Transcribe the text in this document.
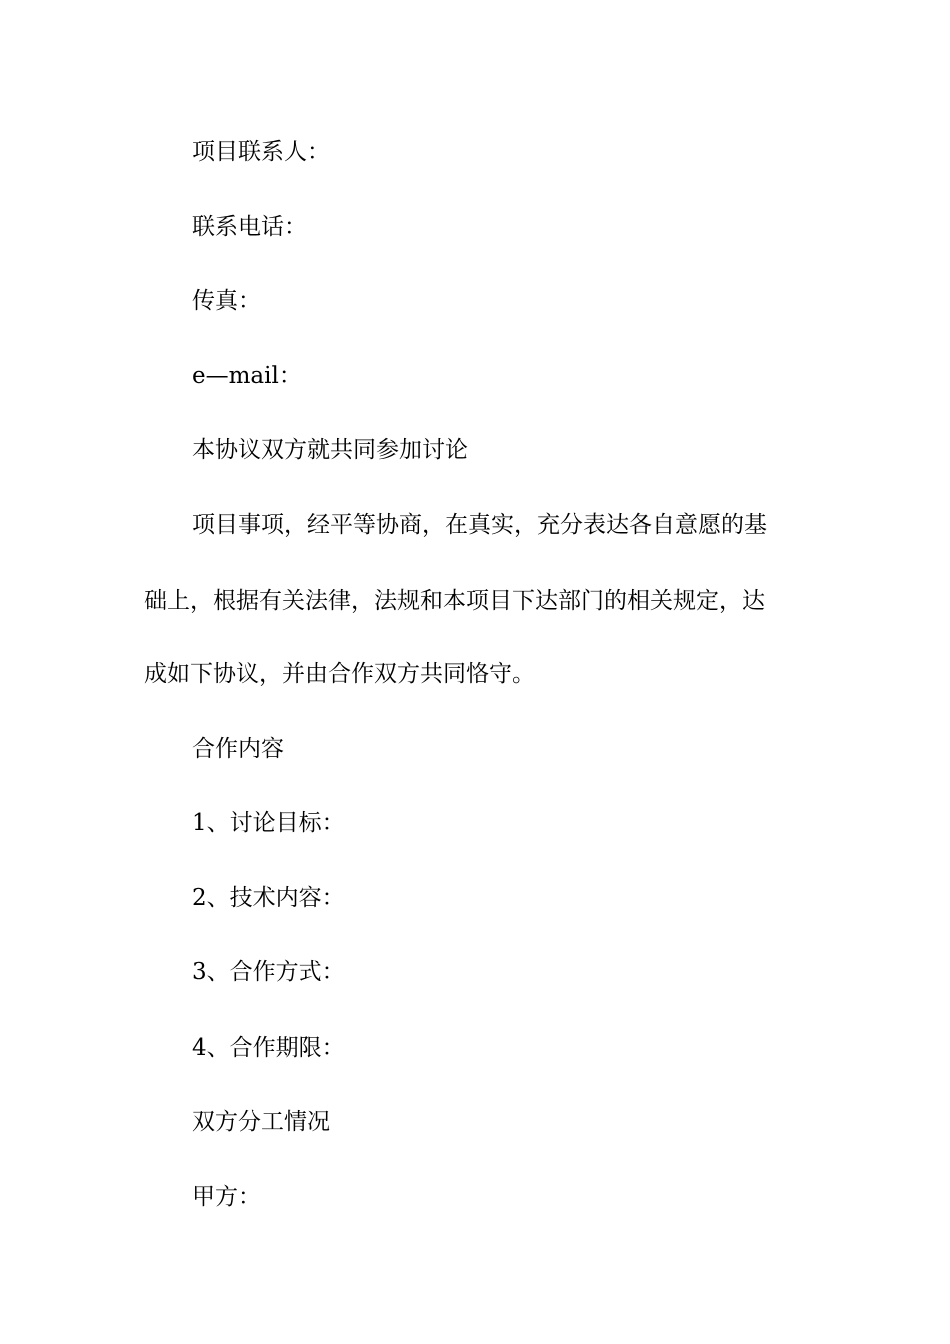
项目联系人：
联系电话：
传真：
e—mail：
本协议双方就共同参加讨论
项目事项，经平等协商，在真实，充分表达各自意愿的基
础上，根据有关法律，法规和本项目下达部门的相关规定，达
成如下协议，并由合作双方共同恪守。
合作内容
1、讨论目标：
2、技术内容：
3、合作方式：
4、合作期限：
双方分工情况
甲方：
